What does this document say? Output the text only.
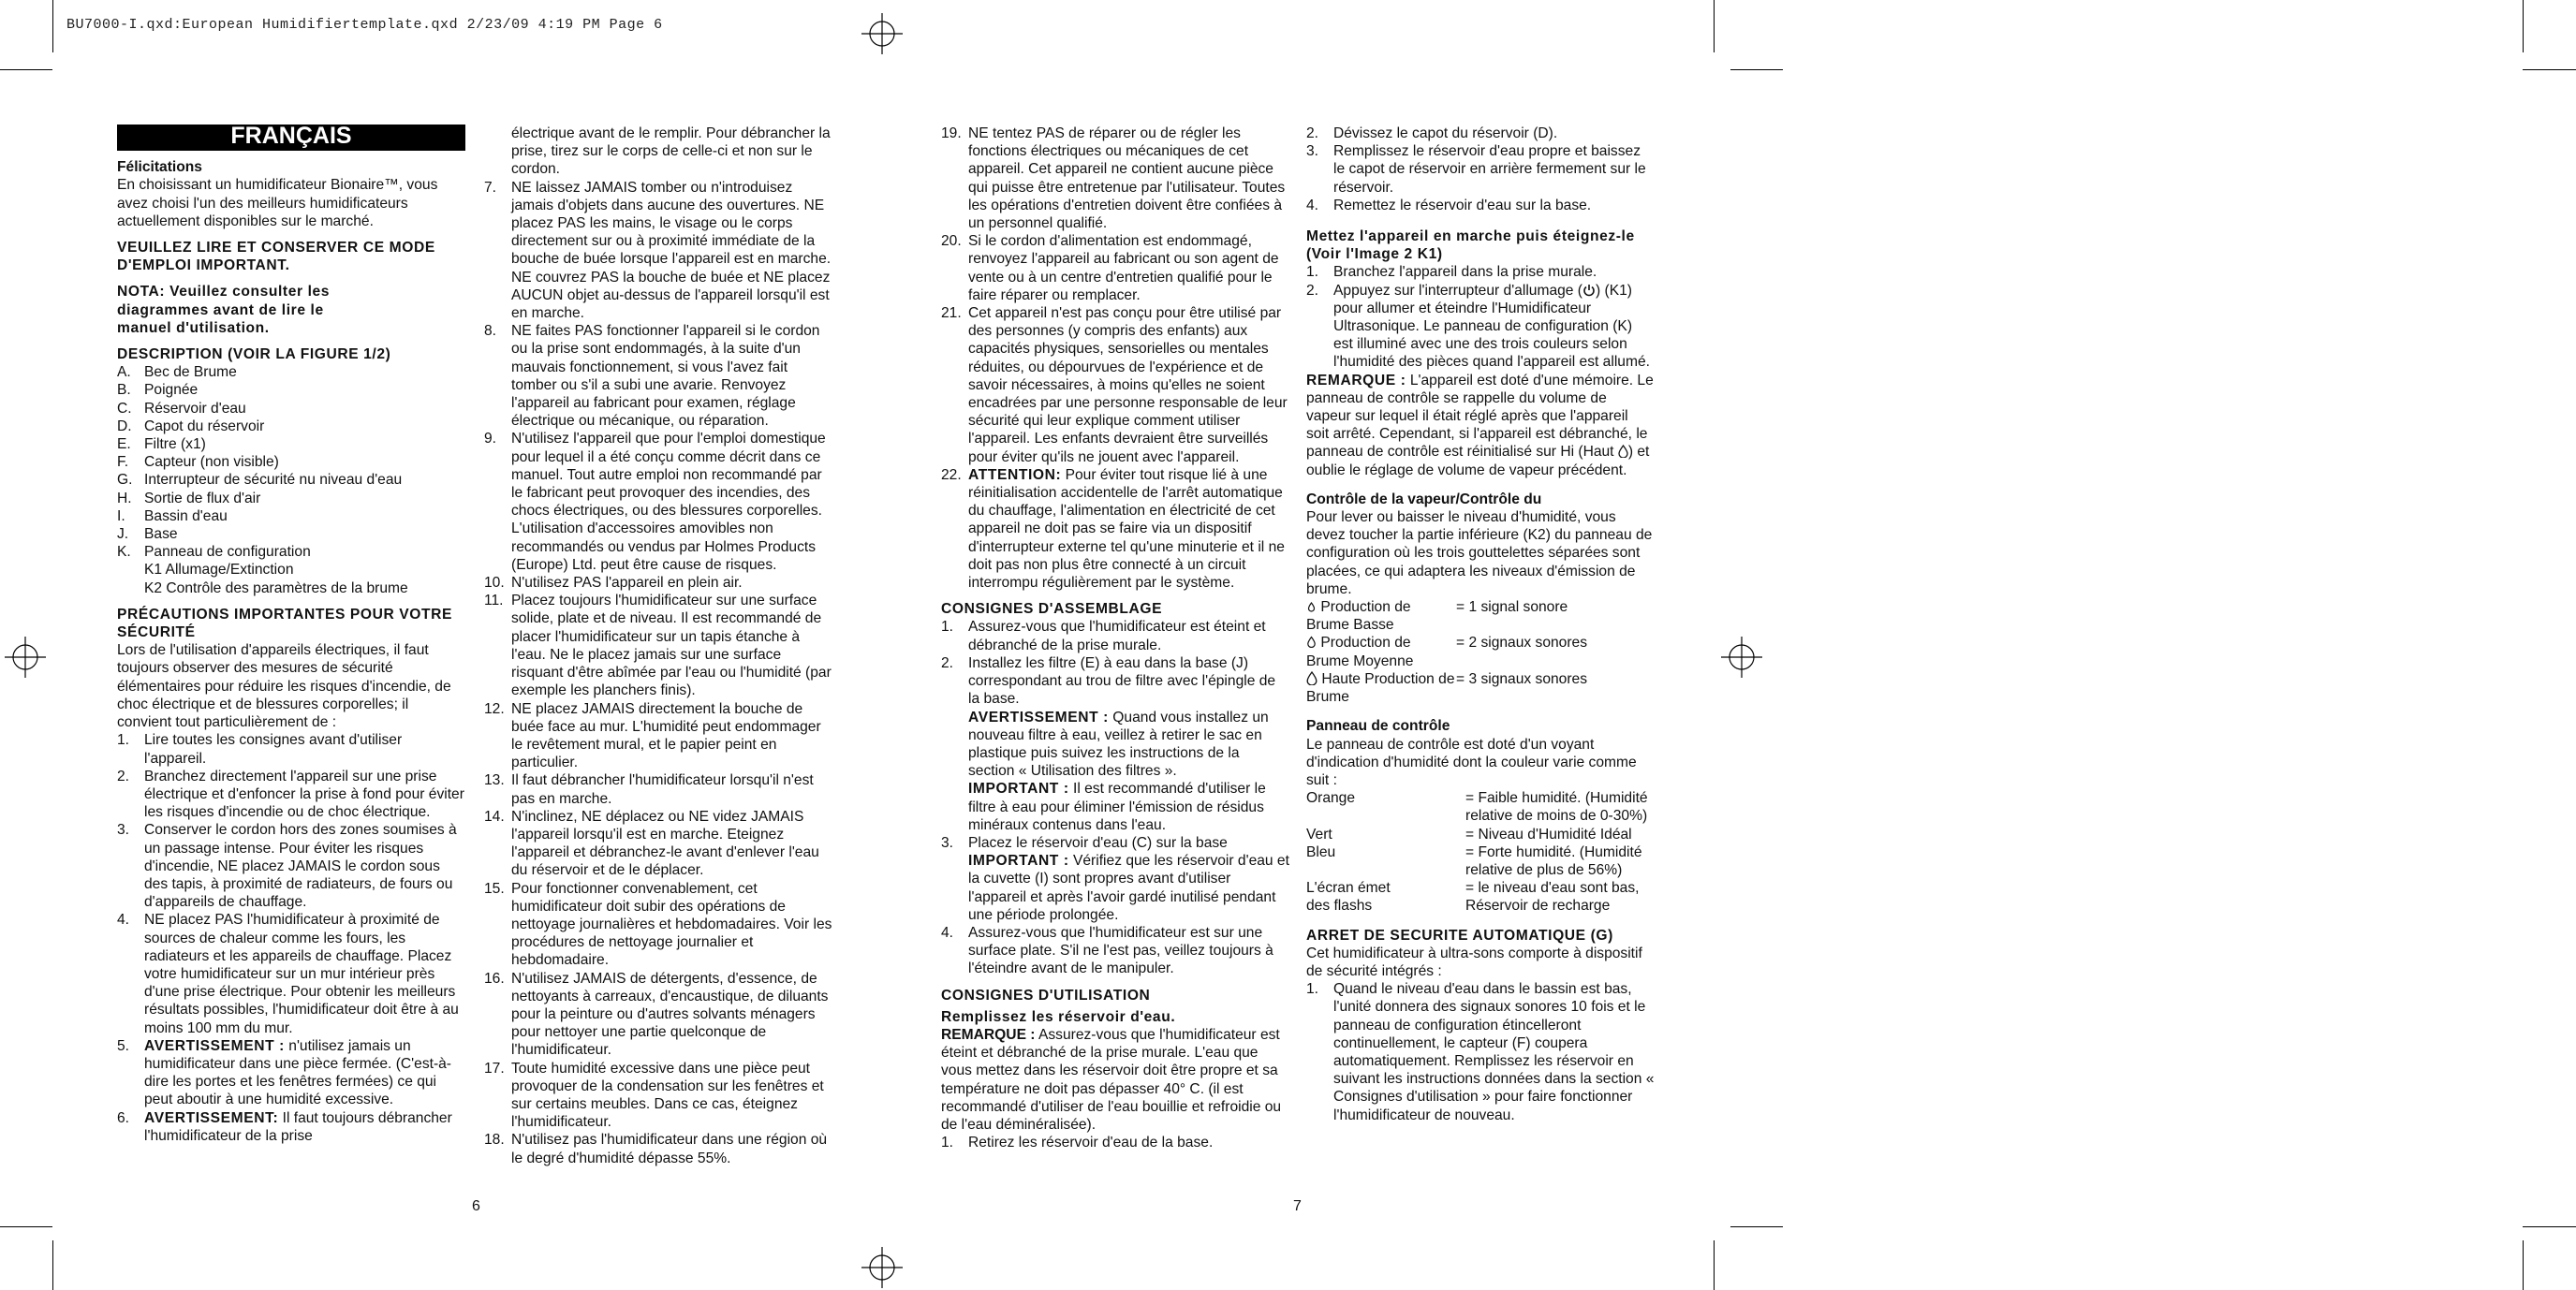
BU7000-I.qxd:European Humidifiertemplate.qxd 2/23/09 4:19 PM Page 6
FRANÇAIS
Félicitations

En choisissant un humidificateur Bionaire™, vous avez choisi l'un des meilleurs humidificateurs actuellement disponibles sur le marché.

VEUILLEZ LIRE ET CONSERVER CE MODE D'EMPLOI IMPORTANT.
NOTA: Veuillez consulter les diagrammes avant de lire le manuel d'utilisation.
DESCRIPTION (VOIR LA FIGURE 1/2)
A. Bec de Brume
B. Poignée
C. Réservoir d'eau
D. Capot du réservoir
E. Filtre (x1)
F. Capteur (non visible)
G. Interrupteur de sécurité nu niveau d'eau
H. Sortie de flux d'air
I. Bassin d'eau
J. Base
K. Panneau de configuration
K1 Allumage/Extinction
K2 Contrôle des paramètres de la brume
PRÉCAUTIONS IMPORTANTES POUR VOTRE SÉCURITÉ

Lors de l'utilisation d'appareils électriques, il faut toujours observer des mesures de sécurité élémentaires pour réduire les risques d'incendie, de choc électrique et de blessures corporelles; il convient tout particulièrement de :

1. Lire toutes les consignes avant d'utiliser l'appareil.
2. Branchez directement l'appareil sur une prise électrique et d'enfoncer la prise à fond pour éviter les risques d'incendie ou de choc électrique.
3. Conserver le cordon hors des zones soumises à un passage intense. Pour éviter les risques d'incendie, NE placez JAMAIS le cordon sous des tapis, à proximité de radiateurs, de fours ou d'appareils de chauffage.
4. NE placez PAS l'humidificateur à proximité de sources de chaleur comme les fours, les radiateurs et les appareils de chauffage. Placez votre humidificateur sur un mur intérieur près d'une prise électrique. Pour obtenir les meilleurs résultats possibles, l'humidificateur doit être à au moins 100 mm du mur.
5. AVERTISSEMENT : n'utilisez jamais un humidificateur dans une pièce fermée. (C'est-à-dire les portes et les fenêtres fermées) ce qui peut aboutir à une humidité excessive.
6. AVERTISSEMENT: Il faut toujours débrancher l'humidificateur de la prise

électrique avant de le remplir. Pour débrancher la prise, tirez sur le corps de celle-ci et non sur le cordon.

7. NE laissez JAMAIS tomber ou n'introduisez jamais d'objets dans aucune des ouvertures. NE placez PAS les mains, le visage ou le corps directement sur ou à proximité immédiate de la bouche de buée lorsque l'appareil est en marche. NE couvrez PAS la bouche de buée et NE placez AUCUN objet au-dessus de l'appareil lorsqu'il est en marche.
8. NE faites PAS fonctionner l'appareil si le cordon ou la prise sont endommagés, à la suite d'un mauvais fonctionnement, si vous l'avez fait tomber ou s'il a subi une avarie. Renvoyez l'appareil au fabricant pour examen, réglage électrique ou mécanique, ou réparation.
9. N'utilisez l'appareil que pour l'emploi domestique pour lequel il a été conçu comme décrit dans ce manuel. Tout autre emploi non recommandé par le fabricant peut provoquer des incendies, des chocs électriques, ou des blessures corporelles. L'utilisation d'accessoires amovibles non recommandés ou vendus par Holmes Products (Europe) Ltd. peut être cause de risques.
10. N'utilisez PAS l'appareil en plein air.
11. Placez toujours l'humidificateur sur une surface solide, plate et de niveau. Il est recommandé de placer l'humidificateur sur un tapis étanche à l'eau. Ne le placez jamais sur une surface risquant d'être abîmée par l'eau ou l'humidité (par exemple les planchers finis).
12. NE placez JAMAIS directement la bouche de buée face au mur. L'humidité peut endommager le revêtement mural, et le papier peint en particulier.
13. Il faut débrancher l'humidificateur lorsqu'il n'est pas en marche.
14. N'inclinez, NE déplacez ou NE videz JAMAIS l'appareil lorsqu'il est en marche. Eteignez l'appareil et débranchez-le avant d'enlever l'eau du réservoir et de le déplacer.
15. Pour fonctionner convenablement, cet humidificateur doit subir des opérations de nettoyage journalières et hebdomadaires. Voir les procédures de nettoyage journalier et hebdomadaire.
16. N'utilisez JAMAIS de détergents, d'essence, de nettoyants à carreaux, d'encaustique, de diluants pour la peinture ou d'autres solvants ménagers pour nettoyer une partie quelconque de l'humidificateur.
17. Toute humidité excessive dans une pièce peut provoquer de la condensation sur les fenêtres et sur certains meubles. Dans ce cas, éteignez l'humidificateur.
18. N'utilisez pas l'humidificateur dans une région où le degré d'humidité dépasse 55%.
19. NE tentez PAS de réparer ou de régler les fonctions électriques ou mécaniques de cet appareil. Cet appareil ne contient aucune pièce qui puisse être entretenue par l'utilisateur. Toutes les opérations d'entretien doivent être confiées à un personnel qualifié.
20. Si le cordon d'alimentation est endommagé, renvoyez l'appareil au fabricant ou son agent de vente ou à un centre d'entretien qualifié pour le faire réparer ou remplacer.
21. Cet appareil n'est pas conçu pour être utilisé par des personnes (y compris des enfants) aux capacités physiques, sensorielles ou mentales réduites, ou dépourvues de l'expérience et de savoir nécessaires, à moins qu'elles ne soient encadrées par une personne responsable de leur sécurité qui leur explique comment utiliser l'appareil. Les enfants devraient être surveillés pour éviter qu'ils ne jouent avec l'appareil.
22. ATTENTION: Pour éviter tout risque lié à une réinitialisation accidentelle de l'arrêt automatique du chauffage, l'alimentation en électricité de cet appareil ne doit pas se faire via un dispositif d'interrupteur externe tel qu'une minuterie et il ne doit pas non plus être connecté à un circuit interrompu régulièrement par le système.
CONSIGNES D'ASSEMBLAGE
1. Assurez-vous que l'humidificateur est éteint et débranché de la prise murale.
2. Installez les filtre (E) à eau dans la base (J) correspondant au trou de filtre avec l'épingle de la base.

AVERTISSEMENT : Quand vous installez un nouveau filtre à eau, veillez à retirer le sac en plastique puis suivez les instructions de la section « Utilisation des filtres ».

IMPORTANT : Il est recommandé d'utiliser le filtre à eau pour éliminer l'émission de résidus minéraux contenus dans l'eau.

3. Placez le réservoir d'eau (C) sur la base

IMPORTANT : Vérifiez que les réservoir d'eau et la cuvette (I) sont propres avant d'utiliser l'appareil et après l'avoir gardé inutilisé pendant une période prolongée.

4. Assurez-vous que l'humidificateur est sur une surface plate. S'il ne l'est pas, veillez toujours à l'éteindre avant de le manipuler.
CONSIGNES D'UTILISATION
Remplissez les réservoir d'eau.

REMARQUE : Assurez-vous que l'humidificateur est éteint et débranché de la prise murale. L'eau que vous mettez dans les réservoir doit être propre et sa température ne doit pas dépasser 40° C. (il est recommandé d'utiliser de l'eau bouillie et refroidie ou de l'eau déminéralisée).

1. Retirez les réservoir d'eau de la base.
2. Dévissez le capot du réservoir (D).
3. Remplissez le réservoir d'eau propre et baissez le capot de réservoir en arrière fermement sur le réservoir.
4. Remettez le réservoir d'eau sur la base.
Mettez l'appareil en marche puis éteignez-le (Voir l'Image 2 K1)
1. Branchez l'appareil dans la prise murale.
2. Appuyez sur l'interrupteur d'allumage ( ) (K1) pour allumer et éteindre l'Humidificateur Ultrasonique. Le panneau de configuration (K) est illuminé avec une des trois couleurs selon l'humidité des pièces quand l'appareil est allumé.

REMARQUE : L'appareil est doté d'une mémoire. Le panneau de contrôle se rappelle du volume de vapeur sur lequel il était réglé après que l'appareil soit arrêté. Cependant, si l'appareil est débranché, le panneau de contrôle est réinitialisé sur Hi (Haut ) et oublie le réglage de volume de vapeur précédent.

Contrôle de la vapeur/Contrôle du

Pour lever ou baisser le niveau d'humidité, vous devez toucher la partie inférieure (K2) du panneau de configuration où les trois gouttelettes séparées sont placées, ce qui adaptera les niveaux d'émission de brume.

Production de Brume Basse	= 1 signal sonore
Production de Brume Moyenne	= 2 signaux sonores
Haute Production de Brume	= 3 signaux sonores
Panneau de contrôle

Le panneau de contrôle est doté d'un voyant d'indication d'humidité dont la couleur varie comme suit :

Orange	= Faible humidité. (Humidité relative de moins de 0-30%)
Vert	= Niveau d'Humidité Idéal
Bleu	= Forte humidité. (Humidité relative de plus de 56%)
L'écran émet des flashs	= le niveau d'eau sont bas, Réservoir de recharge
ARRET DE SECURITE AUTOMATIQUE (G)

Cet humidificateur à ultra-sons comporte à dispositif de sécurité intégrés :

1. Quand le niveau d'eau dans le bassin est bas, l'unité donnera des signaux sonores 10 fois et le panneau de configuration étincelleront continuellement, le capteur (F) coupera automatiquement. Remplissez les réservoir en suivant les instructions données dans la section « Consignes d'utilisation » pour faire fonctionner l'humidificateur de nouveau.
6	7
